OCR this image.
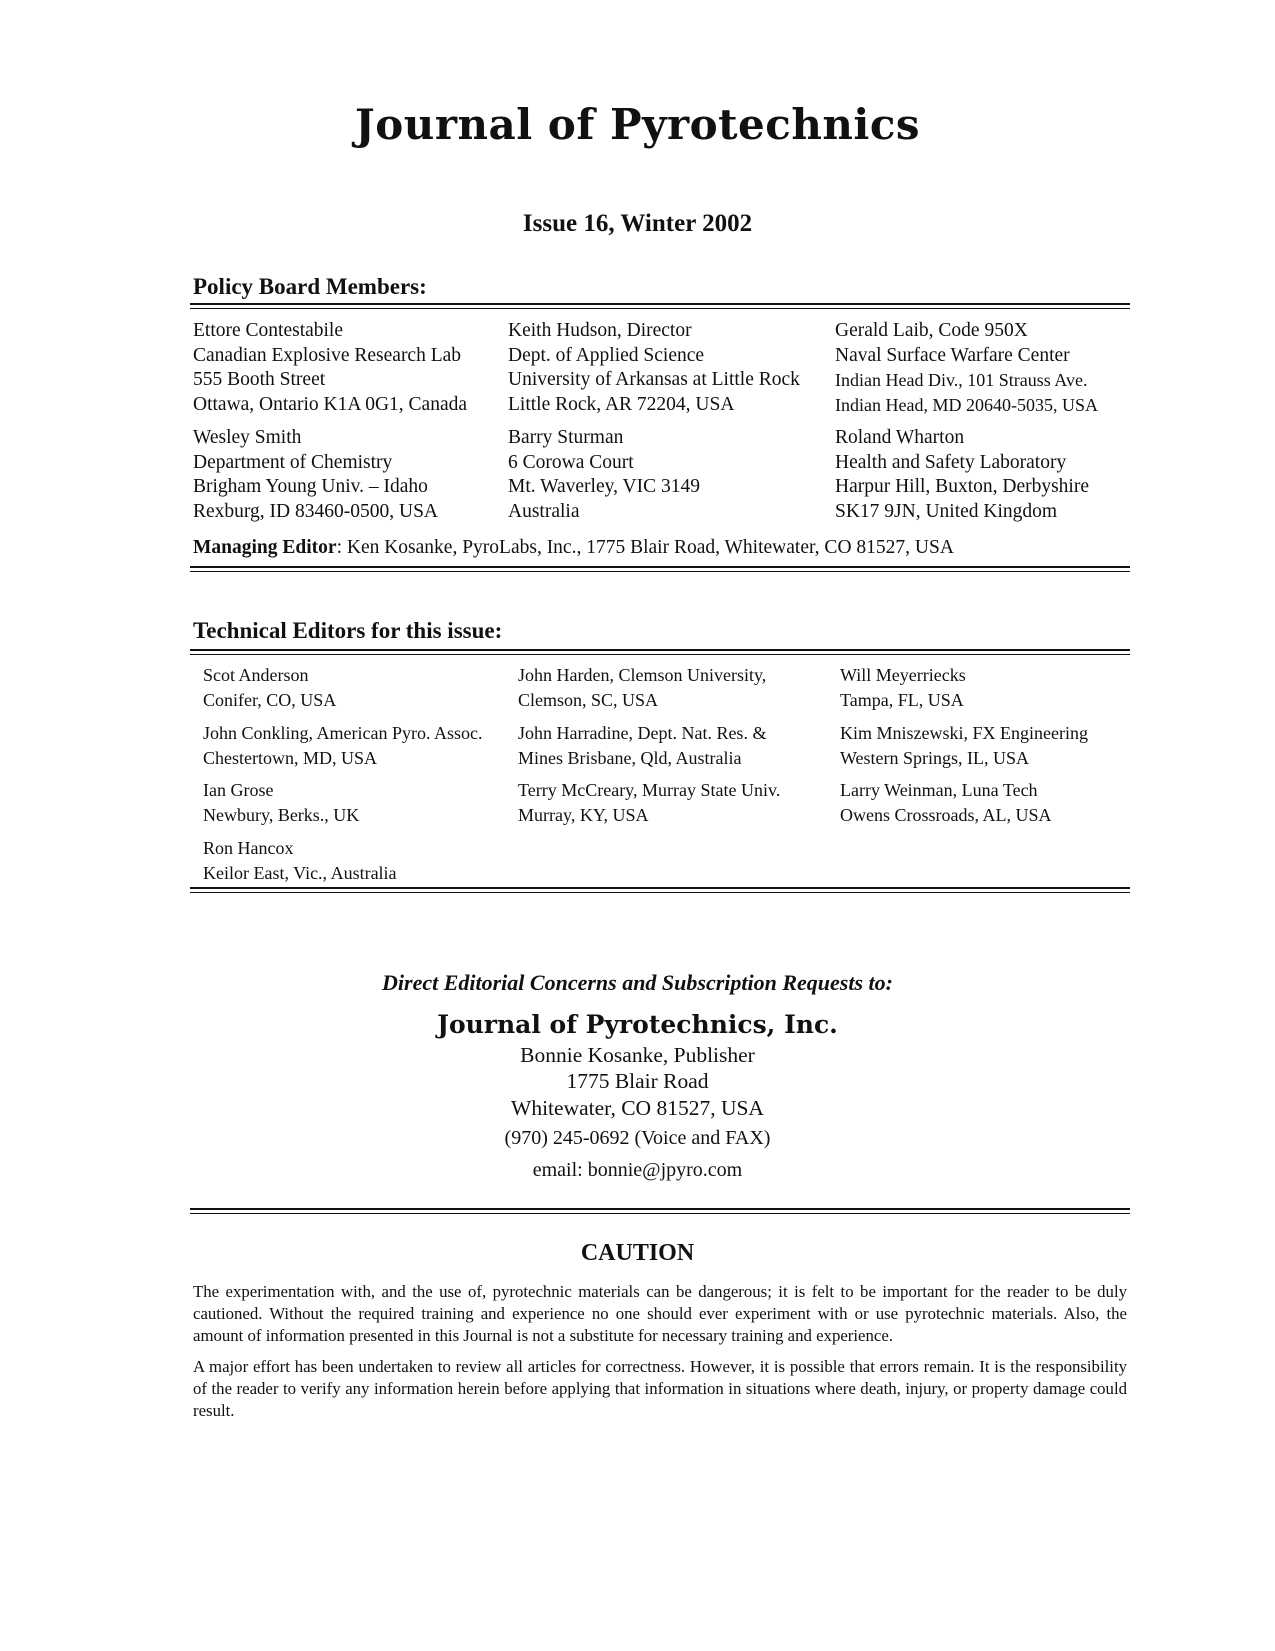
Journal of Pyrotechnics
Issue 16, Winter 2002
Policy Board Members:
Ettore Contestabile
Canadian Explosive Research Lab
555 Booth Street
Ottawa, Ontario K1A 0G1, Canada
Keith Hudson, Director
Dept. of Applied Science
University of Arkansas at Little Rock
Little Rock, AR 72204, USA
Gerald Laib, Code 950X
Naval Surface Warfare Center
Indian Head Div., 101 Strauss Ave.
Indian Head, MD 20640-5035, USA
Wesley Smith
Department of Chemistry
Brigham Young Univ. – Idaho
Rexburg, ID 83460-0500, USA
Barry Sturman
6 Corowa Court
Mt. Waverley, VIC 3149
Australia
Roland Wharton
Health and Safety Laboratory
Harpur Hill, Buxton, Derbyshire
SK17 9JN, United Kingdom
Managing Editor: Ken Kosanke, PyroLabs, Inc., 1775 Blair Road, Whitewater, CO 81527, USA
Technical Editors for this issue:
Scot Anderson
Conifer, CO, USA
John Harden, Clemson University,
Clemson, SC, USA
Will Meyerriecks
Tampa, FL, USA
John Conkling, American Pyro. Assoc.
Chestertown, MD, USA
John Harradine, Dept. Nat. Res. &
Mines Brisbane, Qld, Australia
Kim Mniszewski, FX Engineering
Western Springs, IL, USA
Ian Grose
Newbury, Berks., UK
Terry McCreary, Murray State Univ.
Murray, KY, USA
Larry Weinman, Luna Tech
Owens Crossroads, AL, USA
Ron Hancox
Keilor East, Vic., Australia
Direct Editorial Concerns and Subscription Requests to:
Journal of Pyrotechnics, Inc.
Bonnie Kosanke, Publisher
1775 Blair Road
Whitewater, CO 81527, USA
(970) 245-0692 (Voice and FAX)
email: bonnie@jpyro.com
CAUTION
The experimentation with, and the use of, pyrotechnic materials can be dangerous; it is felt to be important for the reader to be duly cautioned. Without the required training and experience no one should ever experiment with or use pyrotechnic materials. Also, the amount of information presented in this Journal is not a substitute for necessary training and experience.
A major effort has been undertaken to review all articles for correctness. However, it is possible that errors remain. It is the responsibility of the reader to verify any information herein before applying that information in situations where death, injury, or property damage could result.
